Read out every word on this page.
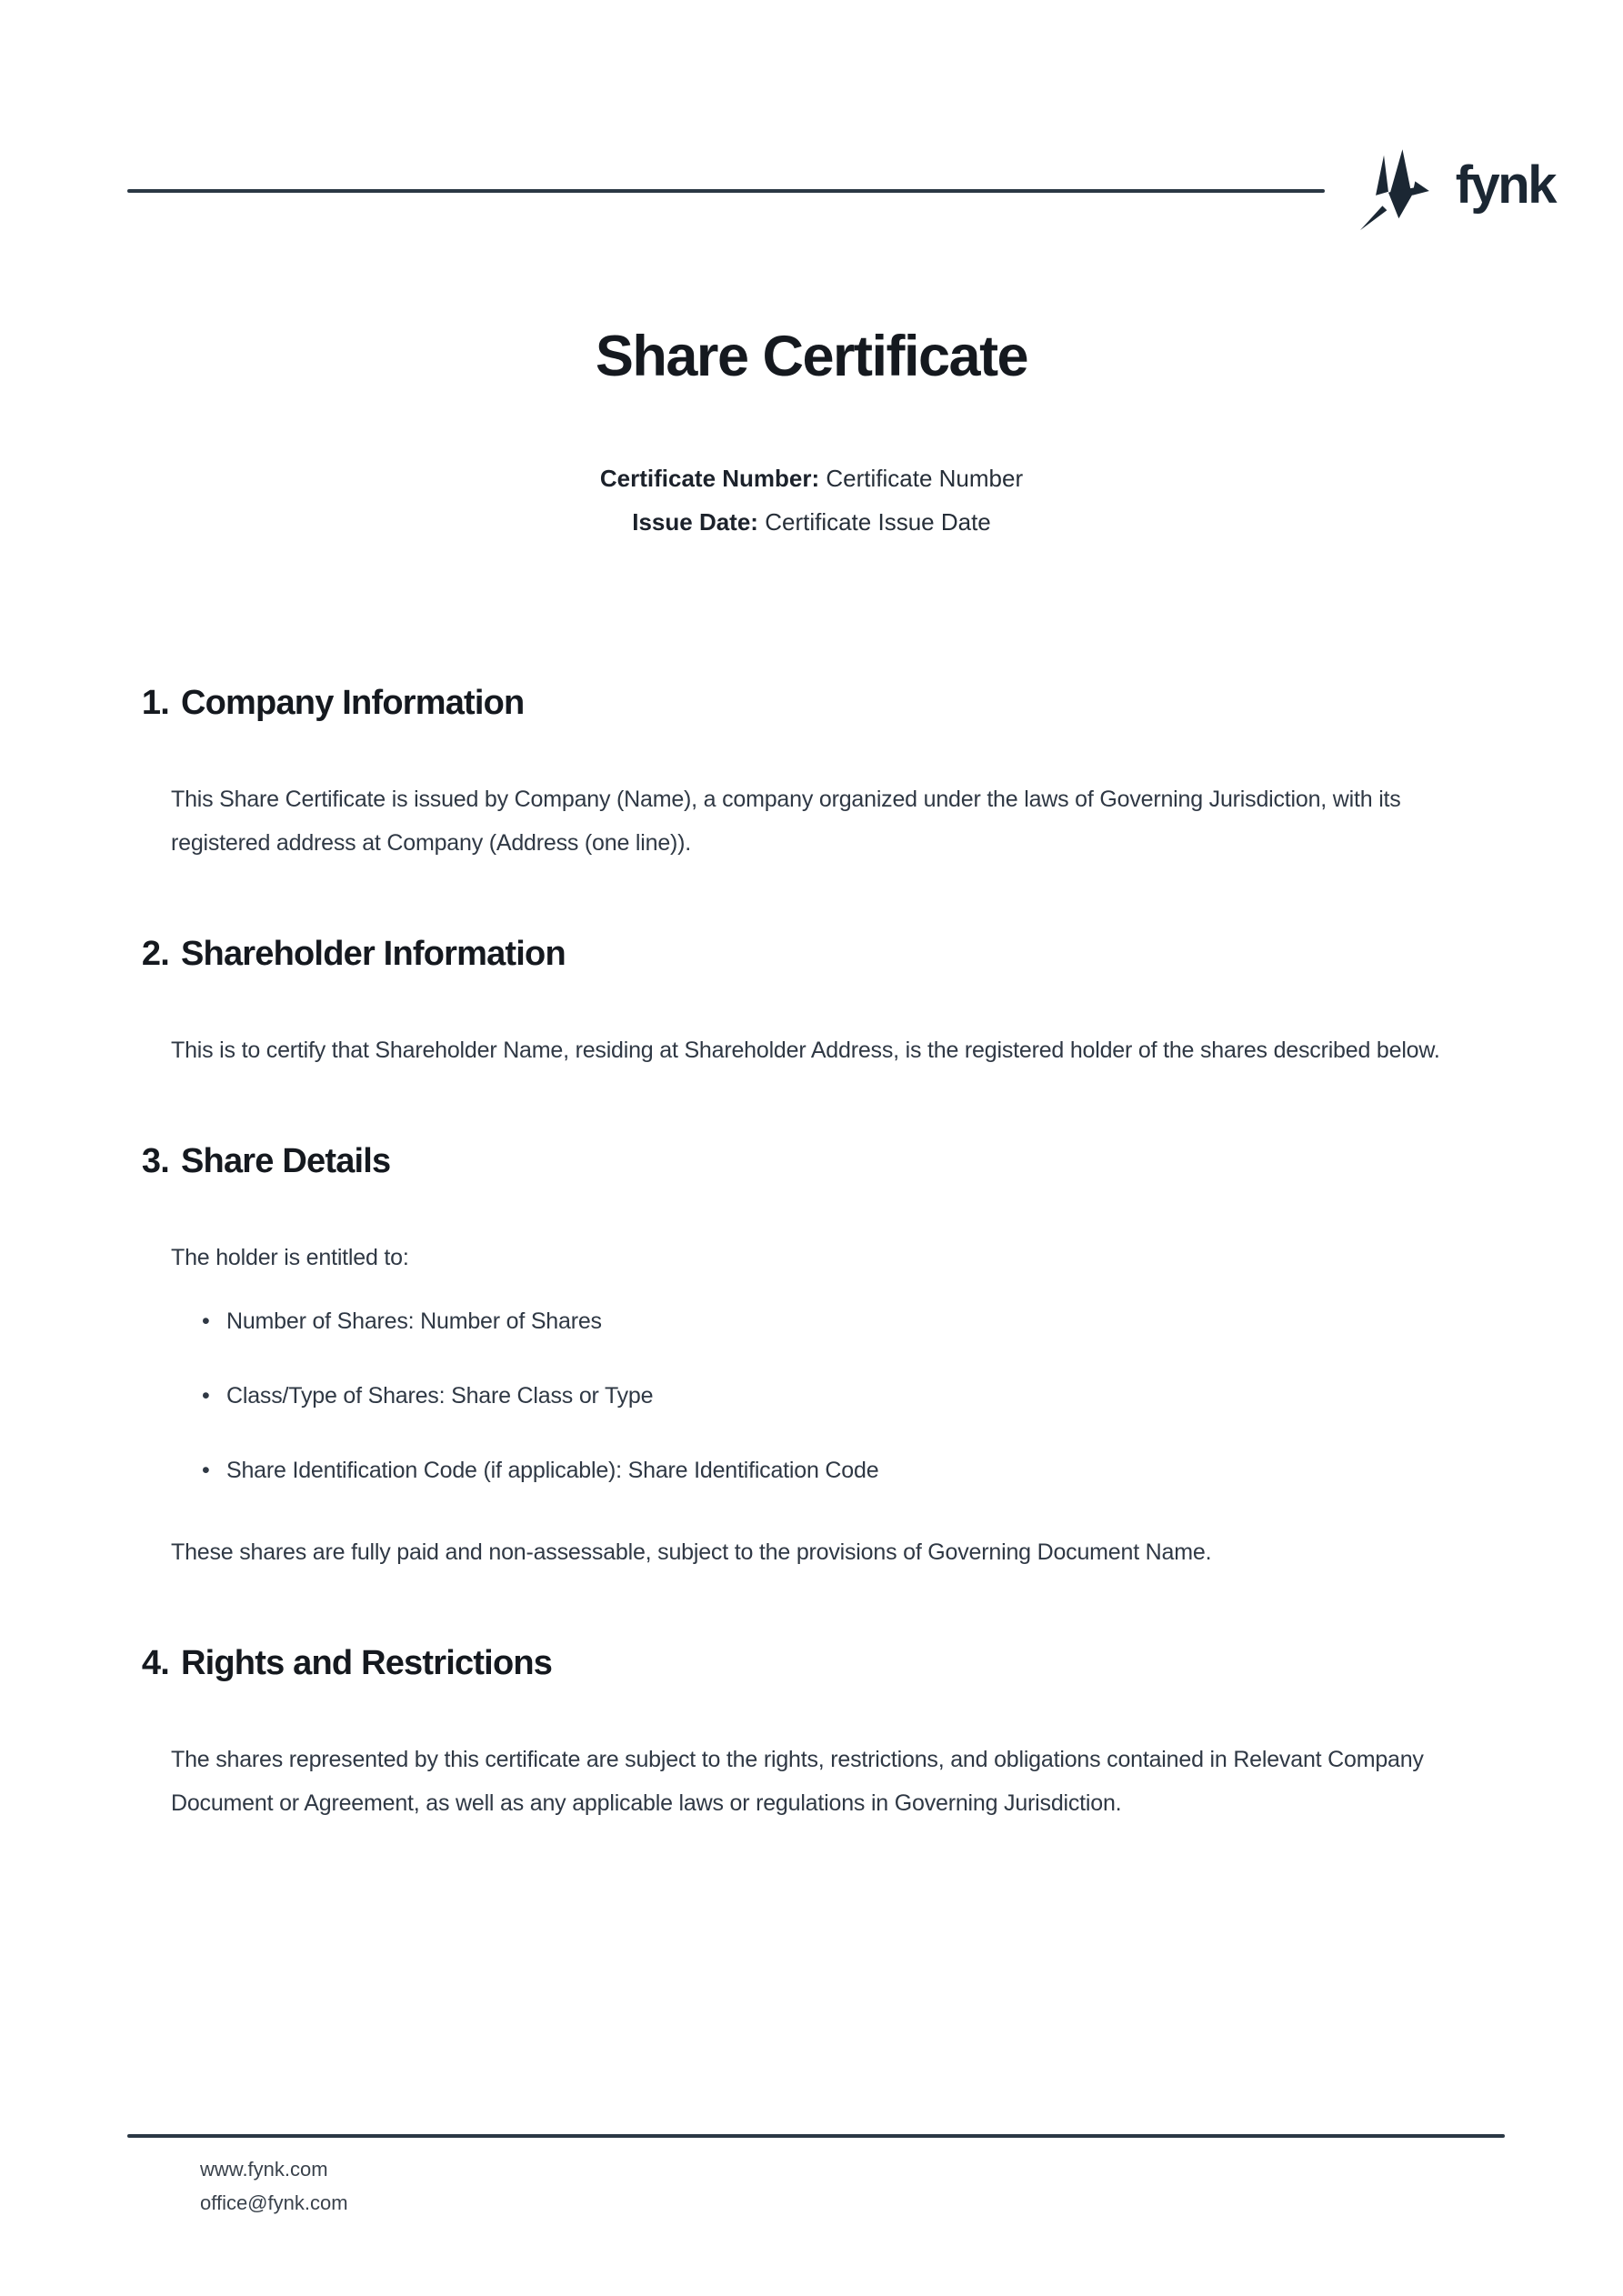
fynk
Share Certificate

Certificate Number: Certificate Number

Issue Date: Certificate Issue Date

1. Company Information

This Share Certificate is issued by Company (Name), a company organized under the laws of Governing Jurisdiction, with its registered address at Company (Address (one line)).

2. Shareholder Information

This is to certify that Shareholder Name, residing at Shareholder Address, is the registered holder of the shares described below.

3. Share Details

The holder is entitled to:

• Number of Shares: Number of Shares
• Class/Type of Shares: Share Class or Type
• Share Identification Code (if applicable): Share Identification Code

These shares are fully paid and non-assessable, subject to the provisions of Governing Document Name.

4. Rights and Restrictions

The shares represented by this certificate are subject to the rights, restrictions, and obligations contained in Relevant Company Document or Agreement, as well as any applicable laws or regulations in Governing Jurisdiction.

www.fynk.com
office@fynk.com
